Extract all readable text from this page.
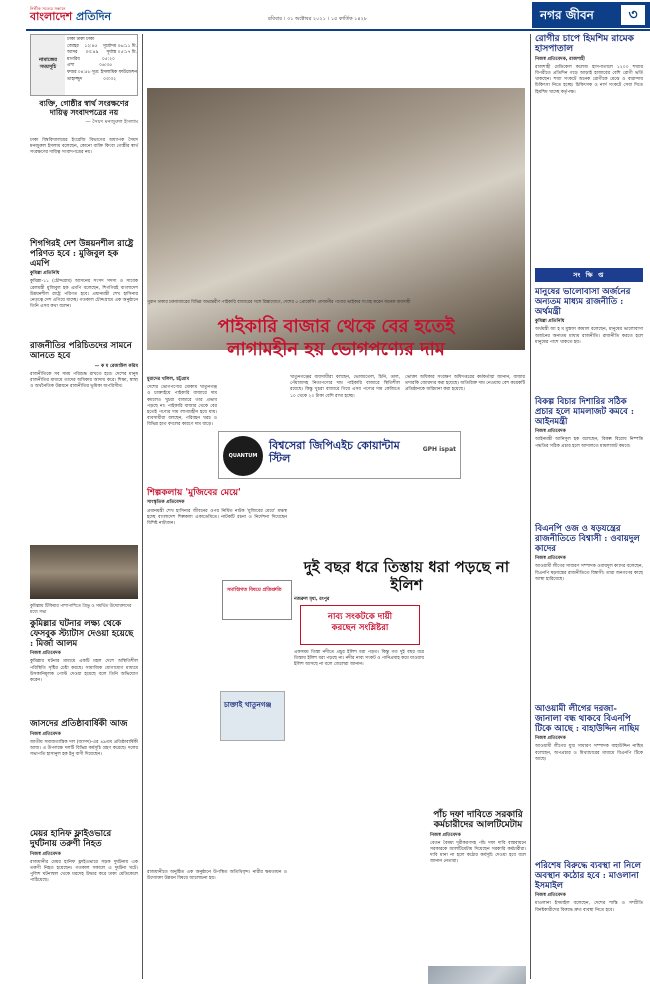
নির্ভীক সত্যের সন্ধানে
বাংলাদেশ প্রতিদিন	রবিবার । ৩১ অক্টোবর ২০২১ । ১৫ কার্তিক ১৪২৮	নগর জীবন	৩
নামাজের সময়সূচি
ঢাকা ঢাকা ঢাকা
জোহর ১২:৪৫ সূর্যোদয় ০৬:১১ মি.
আসর ০৩:৪৯ সূর্যাস্ত ০৫:১৭ মি.
মাগরিব	০৫:২০
এশা	০৬:৩৫
ফজর ০৪:৫৮ সূত্র: ইসলামিক ফাউন্ডেশন
তাহাজ্জুদ	০৩:৩২
ব্যক্তি, গোষ্ঠীর স্বার্থ সংরক্ষণের দায়িত্ব সংবাদপত্রের নয়
— সৈয়দ মনজুরুল ইসলাম
ঢাকা বিশ্ববিদ্যালয়ের ইংরেজি বিভাগের অধ্যাপক সৈয়দ মনজুরুল ইসলাম বলেছেন, কোনো ব্যক্তি কিংবা গোষ্ঠীর স্বার্থ সংরক্ষণের দায়িত্ব সংবাদপত্রের নয়।
শিগগিরই দেশ উন্নয়নশীল রাষ্ট্রে পরিণত হবে : মুজিবুল হক এমপি
কুমিল্লা প্রতিনিধি
কুমিল্লা-১১ (চৌদ্দগ্রাম) আসনের সংসদ সদস্য ও সাবেক রেলমন্ত্রী মুজিবুল হক এমপি বলেছেন, শিগগিরই বাংলাদেশ উন্নয়নশীল রাষ্ট্রে পরিণত হবে। প্রধানমন্ত্রী শেখ হাসিনার নেতৃত্বে দেশ এগিয়ে যাচ্ছে। গতকাল চৌদ্দগ্রামে এক অনুষ্ঠানে তিনি এসব কথা বলেন।
রাজনীতির পরিচিতদের সামনে আনতে হবে
— ক ম রেজাউল করিম
রাজনীতিকে সব সময় পরিশুদ্ধ রাখতে হবে। দেশের মানুষ রাজনীতির মাধ্যমে তাদের অধিকার আদায় করে। শিক্ষা, স্বাস্থ্য ও অর্থনৈতিক উন্নয়নে রাজনীতির ভূমিকা অপরিসীম।
কুমিল্লায় টিকিয়ার পাশাপাশিতে ত্রিভু ও সমর্থিত উদ্যোক্তাদের মধ্যে সভা
কুমিল্লার ঘটনার লক্ষ্য থেকে ফেসবুক স্ট্যাটাস দেওয়া হয়েছে : মির্জা আলম
নিজস্ব প্রতিবেদক
কুমিল্লার ঘটনার মাধ্যমে একটি মহল দেশে অস্থিতিশীল পরিস্থিতি সৃষ্টির চেষ্টা করছে। সামাজিক যোগাযোগ মাধ্যমে উসকানিমূলক পোস্ট দেওয়া হয়েছে বলে তিনি অভিযোগ করেন।
জাসদের প্রতিষ্ঠাবার্ষিকী আজ
নিজস্ব প্রতিবেদক
জাতীয় সমাজতান্ত্রিক দল (জাসদ)-এর ৪৯তম প্রতিষ্ঠাবার্ষিকী আজ। এ উপলক্ষে দলটি বিভিন্ন কর্মসূচি গ্রহণ করেছে। দলের সভাপতি হাসানুল হক ইনু বাণী দিয়েছেন।
মেয়র হানিফ ফ্লাইওভারে দুর্ঘটনায় তরুণী নিহত
নিজস্ব প্রতিবেদক
রাজধানীর মেয়র হানিফ ফ্লাইওভারে সড়ক দুর্ঘটনায় এক তরুণী নিহত হয়েছেন। গতকাল সকালে এ দুর্ঘটনা ঘটে। পুলিশ ঘটনাস্থল থেকে মরদেহ উদ্ধার করে ঢাকা মেডিকেলে পাঠিয়েছে।
পুরান ঢাকার চকবাজারের বিভিন্ন অভ্যন্তরীণ পাইকারি বাজারের সঙ্গে রিক্সাযোগে, দেশের ৫ প্রোকেসিং প্রসাধনীর পণ্যের ভাইকার সংগ্রহ করেন অনেক ব্যবসায়ী
পাইকারি বাজার থেকে বের হতেই
লাগামহীন হয় ভোগপণ্যের দাম
মুরাদের খলিল, চট্টগ্রাম
দেশের ভোগপণ্যের মোকাম খাতুনগঞ্জ ও চাক্তাইয়ে পাইকারি বাজারে দাম কমলেও খুচরা বাজারে তার প্রভাব পড়ছে না। পাইকারি বাজার থেকে বের হতেই পণ্যের দাম লাগামহীন হয়ে যায়। ব্যবসায়ীরা বলছেন, পরিবহন খরচ ও বিভিন্ন হাত বদলের কারণে দাম বাড়ে।
চাক্তাই খাতুনগঞ্জ
খাতুনগঞ্জের ব্যবসায়ীরা বলছেন, ভোজ্যতেল, চিনি, ডাল, পেঁয়াজসহ নিত্যপণ্যের দাম পাইকারি বাজারে স্থিতিশীল রয়েছে। কিন্তু খুচরা বাজারে গিয়ে এসব পণ্যের দাম কেজিতে ১০ থেকে ২০ টাকা বেশি রাখা হচ্ছে।
ভোক্তা অধিকার সংরক্ষণ অধিদপ্তরের কর্মকর্তারা জানান, বাজার তদারকি জোরদার করা হয়েছে। অতিরিক্ত দাম নেওয়ায় বেশ কয়েকটি প্রতিষ্ঠানকে জরিমানা করা হয়েছে।
QUANTUM
বিশ্বসেরা জিপিএইচ কোয়ান্টাম স্টিল
GPH ispat
শিল্পকলায় 'মুজিবের মেয়ে'
সাংস্কৃতিক প্রতিবেদক
প্রধানমন্ত্রী শেখ হাসিনার জীবনের ওপর নির্মিত নাটক 'মুজিবের মেয়ে' মঞ্চস্থ হচ্ছে বাংলাদেশ শিল্পকলা একাডেমিতে। নাটকটি রচনা ও নির্দেশনা দিয়েছেন বিশিষ্ট নাট্যজন।
সমাপ্তিগত বিষয়ে প্রতিশ্রুতি
দুই বছর ধরে তিস্তায় ধরা পড়ছে না ইলিশ
নজরুল মৃধা, রংপুর
নাব্য সংকটকে দায়ী
করছেন সংশ্লিষ্টরা
একসময় তিস্তা নদীতে প্রচুর ইলিশ ধরা পড়ত। কিন্তু গত দুই বছর ধরে তিস্তায় ইলিশ ধরা পড়ছে না। নদীর নাব্য সংকট ও পানিপ্রবাহ কমে যাওয়ায় ইলিশ আসছে না বলে জেলেরা জানান।
রাজধানীতে অনুষ্ঠিত এক অনুষ্ঠানে উপস্থিত অতিথিবৃন্দ। নারীর ক্ষমতায়ন ও উদ্যোক্তা উন্নয়ন বিষয়ে আলোচনা হয়।
পাঁচ দফা দাবিতে সরকারি কর্মচারীদের আলটিমেটাম
নিজস্ব প্রতিবেদক
বেতন বৈষম্য দূরীকরণসহ পাঁচ দফা দাবি বাস্তবায়নে সরকারকে আলটিমেটাম দিয়েছেন সরকারি কর্মচারীরা। দাবি মানা না হলে কঠোর কর্মসূচি দেওয়া হবে বলে জানান নেতারা।
রোগীর চাপে হিমশিম রামেক হাসপাতাল
নিজস্ব প্রতিবেদক, রাজশাহী
রাজশাহী মেডিকেল কলেজ হাসপাতালে ১২০০ শয্যার বিপরীতে প্রতিদিন গড়ে আড়াই হাজারের বেশি রোগী ভর্তি থাকছেন। শয্যা সংকটে অনেক রোগীকে মেঝে ও বারান্দায় চিকিৎসা নিতে হচ্ছে। চিকিৎসক ও নার্স সংকটে সেবা দিতে হিমশিম খাচ্ছে কর্তৃপক্ষ।
সং ক্ষি প্ত
মানুষের ভালোবাসা অর্জনের অন্যতম মাধ্যম রাজনীতি : অর্থমন্ত্রী
কুমিল্লা প্রতিনিধি
অর্থমন্ত্রী আ হ ম মুস্তফা কামাল বলেছেন, মানুষের ভালোবাসা অর্জনের অন্যতম মাধ্যম রাজনীতি। রাজনীতি করতে হলে মানুষের পাশে থাকতে হয়।
বিকল্প বিচার দিশারির সঠিক প্রচার হলে মামলাজট কমবে : আইনমন্ত্রী
নিজস্ব প্রতিবেদক
আইনমন্ত্রী আনিসুল হক বলেছেন, বিকল্প বিরোধ নিষ্পত্তি পদ্ধতির সঠিক প্রচার হলে আদালতে মামলাজট কমবে।
বিএনপি ওজ ও ষড়যন্ত্রের রাজনীতিতে বিশ্বাসী : ওবায়দুল কাদের
নিজস্ব প্রতিবেদক
আওয়ামী লীগের সাধারণ সম্পাদক ওবায়দুল কাদের বলেছেন, বিএনপি ষড়যন্ত্রের রাজনীতিতে বিশ্বাসী। তারা জনগণের কাছে আস্থা হারিয়েছে।
আওয়ামী লীগের দরজা-জানালা বন্ধ থাকবে বিএনপি টিকে আছে : বাহাউদ্দিন নাছিম
নিজস্ব প্রতিবেদক
আওয়ামী লীগের যুগ্ম সাধারণ সম্পাদক বাহাউদ্দিন নাছিম বলেছেন, অপপ্রচার ও মিথ্যাচারের মাধ্যমে বিএনপি টিকে আছে।
পরিশেষ বিরুদ্ধে ব্যবস্থা না নিলে অবস্থান কঠোর হবে : মাওলানা ইসমাইল
নিজস্ব প্রতিবেদক
মাওলানা ইসমাইল বলেছেন, দেশের শান্তি ও সম্প্রীতি বিনষ্টকারীদের বিরুদ্ধে দ্রুত ব্যবস্থা নিতে হবে।
